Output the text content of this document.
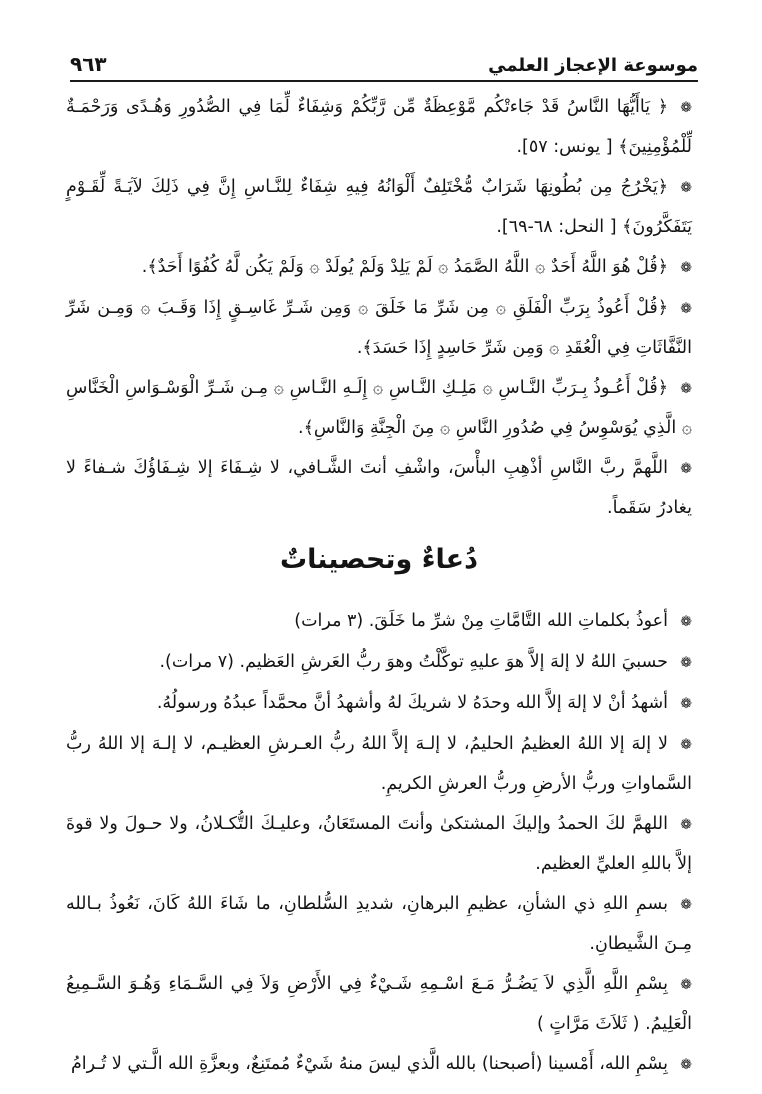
موسوعة الإعجاز العلمي
٩٦٣

❁﴿ يَاأَيُّهَا النَّاسُ قَدْ جَاءتْكُم مَّوْعِظَةٌ مِّن رَّبِّكُمْ وَشِفَاءٌ لِّمَا فِي الصُّدُورِ وَهُـدًى وَرَحْمَـةٌ لِّلْمُؤْمِنِينَ﴾ [ يونس: ٥٧].

❁﴿يَخْرُجُ مِن بُطُونِهَا شَرَابٌ مُّخْتَلِفٌ أَلْوَانُهُ فِيهِ شِفَاءٌ لِلنَّـاسِ إِنَّ فِي ذَلِكَ لآيَـةً لِّقَـوْمٍ يَتَفَكَّرُونَ﴾ [ النحل: ٦٨-٦٩].

❁﴿قُلْ هُوَ اللَّهُ أَحَدٌ ۞ اللَّهُ الصَّمَدُ ۞ لَمْ يَلِدْ وَلَمْ يُولَدْ ۞ وَلَمْ يَكُن لَّهُ كُفُوًا أَحَدٌ﴾.

❁﴿قُلْ أَعُوذُ بِرَبِّ الْفَلَقِ ۞ مِن شَرِّ مَا خَلَقَ ۞ وَمِن شَـرِّ غَاسِـقٍ إِذَا وَقَـبَ ۞ وَمِـن شَرِّ النَّفَّاثَاتِ فِي الْعُقَدِ ۞ وَمِن شَرِّ حَاسِدٍ إِذَا حَسَدَ﴾.

❁﴿قُلْ أَعُـوذُ بِـرَبِّ النَّـاسِ ۞ مَلِـكِ النَّـاسِ ۞ إِلَـهِ النَّـاسِ ۞ مِـن شَـرِّ الْوَسْـوَاسِ الْخَنَّاسِ ۞ الَّذِي يُوَسْوِسُ فِي صُدُورِ النَّاسِ ۞ مِنَ الْجِنَّةِ وَالنَّاسِ﴾.

❁اللَّهمَّ ربَّ النَّاسِ أذْهِبِ البأْسَ، واشْفِ أنتَ الشَّـافي، لا شِـفَاءَ إلا شِـفَاؤُكَ شـفاءً لا يغادرُ سَقَماً.

دُعاءٌ وتحصيناتٌ

❁أعوذُ بكلماتِ الله التَّامَّاتِ مِنْ شرِّ ما خَلَقَ. (٣ مرات)

❁حسبيَ اللهُ لا إلهَ إلاَّ هوَ عليهِ توكَّلْتُ وهوَ ربُّ العَرشِ العَظيم. (٧ مرات).

❁أشهدُ أنْ لا إلهَ إلاَّ الله وحدَهُ لا شريكَ لهُ وأشهدُ أنَّ محمَّداً عبدُهُ ورسولُهُ.

❁لا إلهَ إلا اللهُ العظيمُ الحليمُ، لا إلـهَ إلاَّ اللهُ ربُّ العـرشِ العظيـم، لا إلـهَ إلا اللهُ ربُّ السَّماواتِ وربُّ الأرضِ وربُّ العرشِ الكريمِ.

❁اللهمَّ لكَ الحمدُ وإليكَ المشتكىٰ وأنتَ المستَعَانُ، وعليـكَ التُّكـلانُ، ولا حـولَ ولا قوةَ إلاَّ باللهِ العليِّ العظيم.

❁بسمِ اللهِ ذي الشأنِ، عظيمِ البرهانِ، شديدِ السُّلطانِ، ما شَاءَ اللهُ كَانَ، نَعُوذُ بـالله مِـنَ الشَّيطانِ.

❁بِسْمِ اللَّهِ الَّذِي لاَ يَضُـرُّ مَـعَ اسْـمِهِ شَـيْءٌ فِي الأَرْضِ وَلاَ فِي السَّـمَاءِ وَهُـوَ السَّـمِيعُ الْعَلِيمُ. ( ثَلاَثَ مَرَّاتٍ )

❁بِسْمِ الله، أَمْسينا (أصبحنا) بالله الَّذي ليسَ منهُ شَيْءٌ مُمتَنِعٌ، وبعزَّةِ الله الَّـتي لا تُـرامُ
